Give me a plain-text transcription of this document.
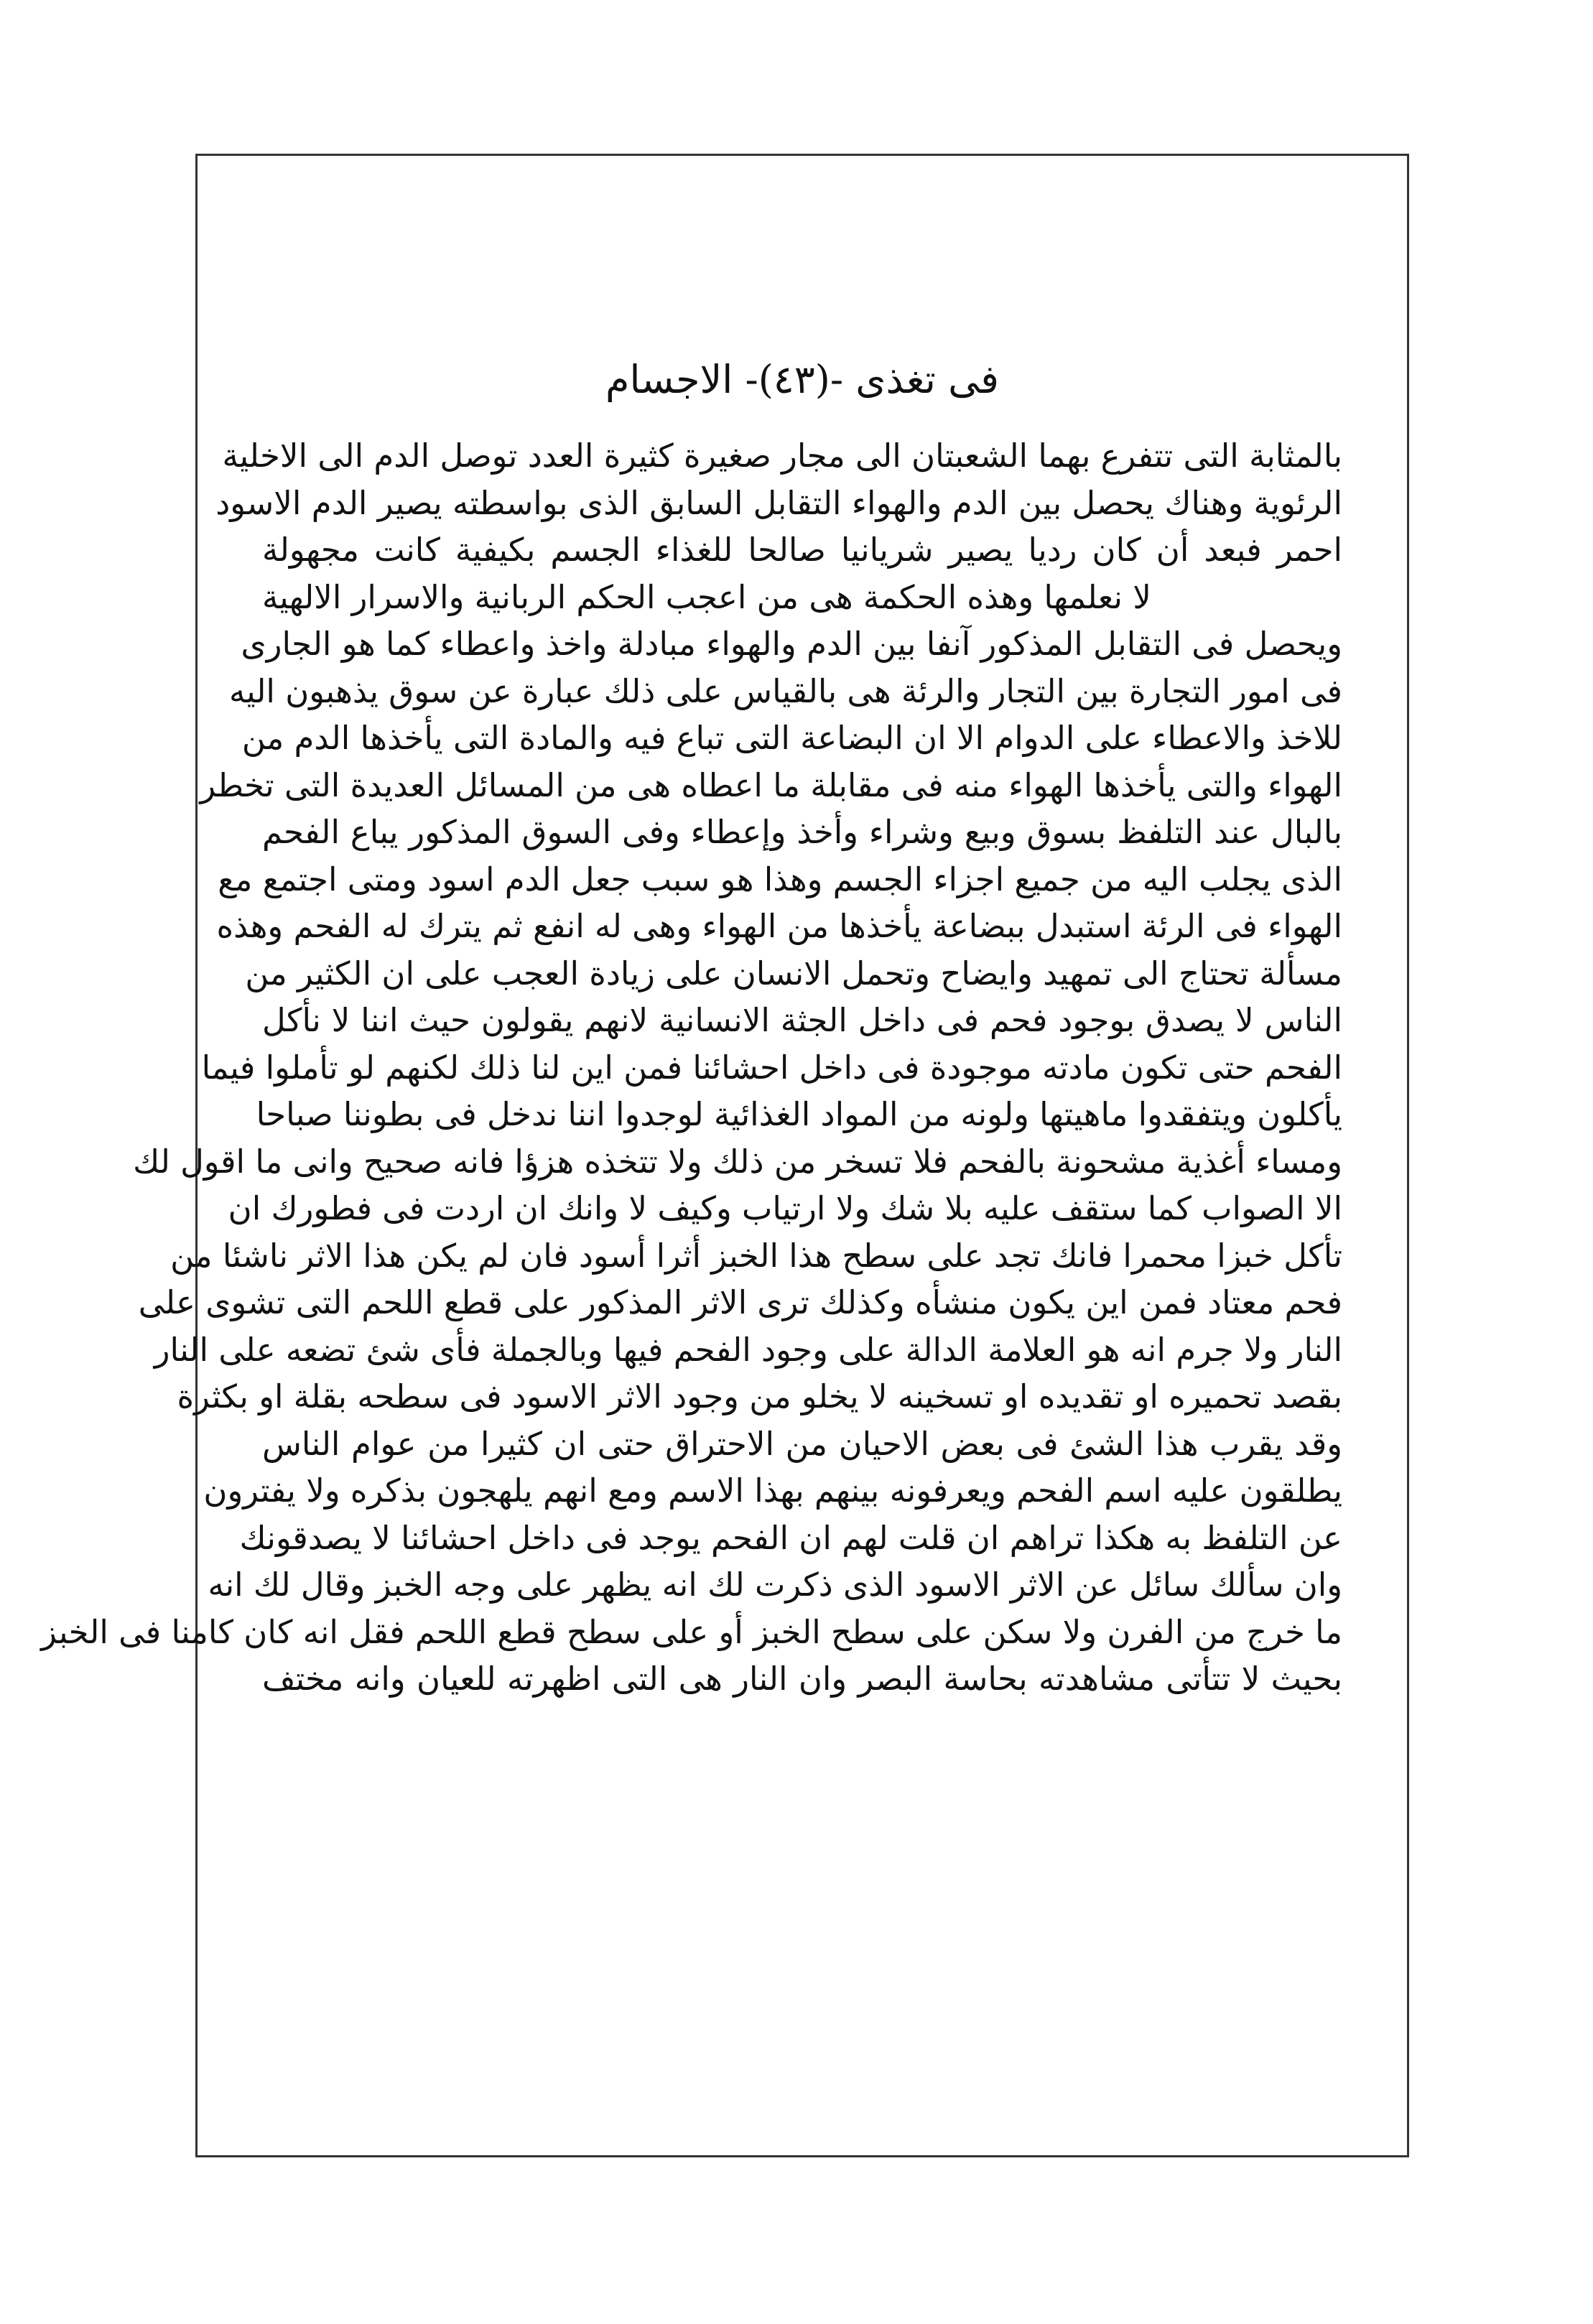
فى تغذى -(٤٣)- الاجسام
بالمثابة التى تتفرع بهما الشعبتان الى مجار صغيرة كثيرة العدد توصل الدم الى الاخلية
الرئوية وهناك يحصل بين الدم والهواء التقابل السابق الذى بواسطته يصير الدم الاسود
احمر فبعد أن كان رديا يصير شريانيا صالحا للغذاء الجسم بكيفية كانت مجهولة
لا نعلمها وهذه الحكمة هى من اعجب الحكم الربانية والاسرار الالهية
ويحصل فى التقابل المذكور آنفا بين الدم والهواء مبادلة واخذ واعطاء كما هو الجارى
فى امور التجارة بين التجار والرئة هى بالقياس على ذلك عبارة عن سوق يذهبون اليه
للاخذ والاعطاء على الدوام الا ان البضاعة التى تباع فيه والمادة التى يأخذها الدم من
الهواء والتى يأخذها الهواء منه فى مقابلة ما اعطاه هى من المسائل العديدة التى تخطر
بالبال عند التلفظ بسوق وبيع وشراء وأخذ وإعطاء وفى السوق المذكور يباع الفحم
الذى يجلب اليه من جميع اجزاء الجسم وهذا هو سبب جعل الدم اسود ومتى اجتمع مع
الهواء فى الرئة استبدل ببضاعة يأخذها من الهواء وهى له انفع ثم يترك له الفحم وهذه
مسألة تحتاج الى تمهيد وايضاح وتحمل الانسان على زيادة العجب على ان الكثير من
الناس لا يصدق بوجود فحم فى داخل الجثة الانسانية لانهم يقولون حيث اننا لا نأكل
الفحم حتى تكون مادته موجودة فى داخل احشائنا فمن اين لنا ذلك لكنهم لو تأملوا فيما
يأكلون ويتفقدوا ماهيتها ولونه من المواد الغذائية لوجدوا اننا ندخل فى بطوننا صباحا
ومساء أغذية مشحونة بالفحم فلا تسخر من ذلك ولا تتخذه هزؤا فانه صحيح وانى ما اقول لك
الا الصواب كما ستقف عليه بلا شك ولا ارتياب وكيف لا وانك ان اردت فى فطورك ان
تأكل خبزا محمرا فانك تجد على سطح هذا الخبز أثرا أسود فان لم يكن هذا الاثر ناشئا من
فحم معتاد فمن اين يكون منشأه وكذلك ترى الاثر المذكور على قطع اللحم التى تشوى على
النار ولا جرم انه هو العلامة الدالة على وجود الفحم فيها وبالجملة فأى شئ تضعه على النار
بقصد تحميره او تقديده او تسخينه لا يخلو من وجود الاثر الاسود فى سطحه بقلة او بكثرة
وقد يقرب هذا الشئ فى بعض الاحيان من الاحتراق حتى ان كثيرا من عوام الناس
يطلقون عليه اسم الفحم ويعرفونه بينهم بهذا الاسم ومع انهم يلهجون بذكره ولا يفترون
عن التلفظ به هكذا تراهم ان قلت لهم ان الفحم يوجد فى داخل احشائنا لا يصدقونك
وان سألك سائل عن الاثر الاسود الذى ذكرت لك انه يظهر على وجه الخبز وقال لك انه
ما خرج من الفرن ولا سكن على سطح الخبز أو على سطح قطع اللحم فقل انه كان كامنا فى الخبز
بحيث لا تتأتى مشاهدته بحاسة البصر وان النار هى التى اظهرته للعيان وانه مختف
